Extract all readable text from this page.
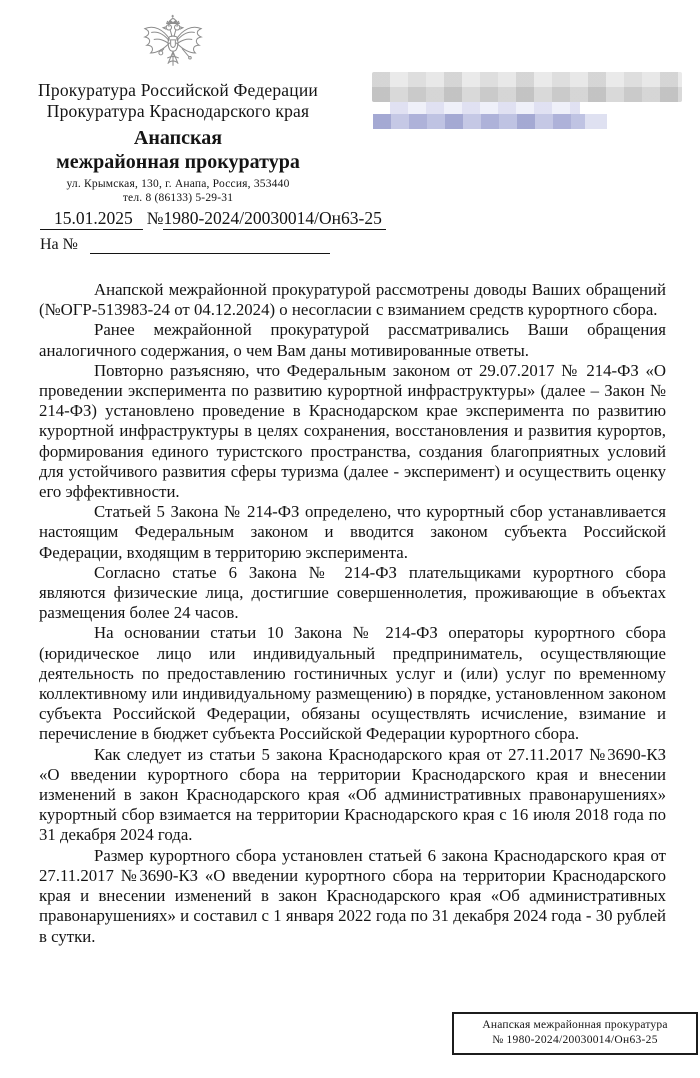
Прокуратура Российской Федерации
Прокуратура Краснодарского края
Анапская
межрайонная прокуратура
ул. Крымская, 130, г. Анапа, Россия, 353440
тел. 8 (86133) 5-29-31
15.01.2025 №1980-2024/20030014/Он63-25
На №

Анапской межрайонной прокуратурой рассмотрены доводы Ваших обращений (№ОГР-513983-24 от 04.12.2024) о несогласии с взиманием средств курортного сбора.

Ранее межрайонной прокуратурой рассматривались Ваши обращения аналогичного содержания, о чем Вам даны мотивированные ответы.

Повторно разъясняю, что Федеральным законом от 29.07.2017 № 214-ФЗ «О проведении эксперимента по развитию курортной инфраструктуры» (далее – Закон № 214-ФЗ) установлено проведение в Краснодарском крае эксперимента по развитию курортной инфраструктуры в целях сохранения, восстановления и развития курортов, формирования единого туристского пространства, создания благоприятных условий для устойчивого развития сферы туризма (далее - эксперимент) и осуществить оценку его эффективности.

Статьей 5 Закона № 214-ФЗ определено, что курортный сбор устанавливается настоящим Федеральным законом и вводится законом субъекта Российской Федерации, входящим в территорию эксперимента.

Согласно статье 6 Закона № 214-ФЗ плательщиками курортного сбора являются физические лица, достигшие совершеннолетия, проживающие в объектах размещения более 24 часов.

На основании статьи 10 Закона № 214-ФЗ операторы курортного сбора (юридическое лицо или индивидуальный предприниматель, осуществляющие деятельность по предоставлению гостиничных услуг и (или) услуг по временному коллективному или индивидуальному размещению) в порядке, установленном законом субъекта Российской Федерации, обязаны осуществлять исчисление, взимание и перечисление в бюджет субъекта Российской Федерации курортного сбора.

Как следует из статьи 5 закона Краснодарского края от 27.11.2017 №3690-КЗ «О введении курортного сбора на территории Краснодарского края и внесении изменений в закон Краснодарского края «Об административных правонарушениях» курортный сбор взимается на территории Краснодарского края с 16 июля 2018 года по 31 декабря 2024 года.

Размер курортного сбора установлен статьей 6 закона Краснодарского края от 27.11.2017 №3690-КЗ «О введении курортного сбора на территории Краснодарского края и внесении изменений в закон Краснодарского края «Об административных правонарушениях» и составил с 1 января 2022 года по 31 декабря 2024 года - 30 рублей в сутки.

Анапская межрайонная прокуратура
№ 1980-2024/20030014/Он63-25
